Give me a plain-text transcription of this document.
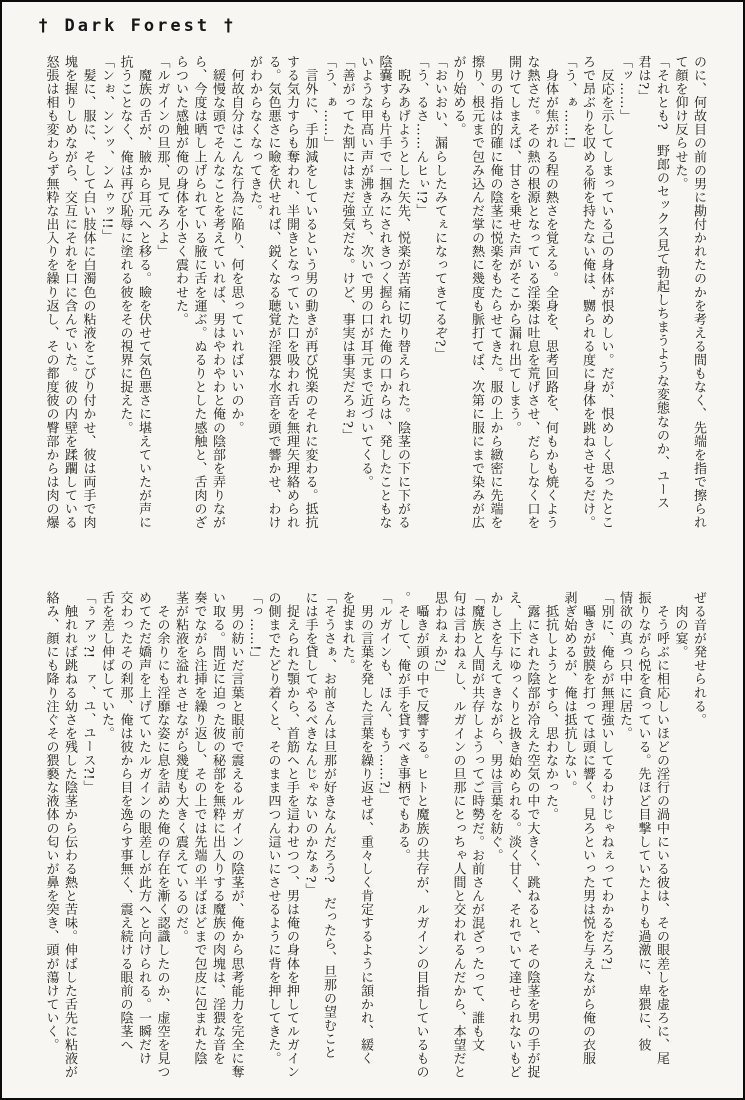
† Dark Forest †

のに、何故目の前の男に勘付かれたのかを考える間もなく、先端を指で擦られ

て顔を仰け反らせた。

「それとも?　野郎のセックス見て勃起しちまうような変態なのか、ユース

君は?」

「ッ……」

　反応を示してしまっている己の身体が恨めしい。だが、恨めしく思ったとこ

ろで昂ぶりを収める術を持たない俺は、嬲られる度に身体を跳ねさせるだけ。

「う、ぁ……!」

　身体が焦がれる程の熱さを覚える。全身を、思考回路を、何もかも焼くよう

な熱さだ。その熱の根源となっている淫楽は吐息を荒げさせ、だらしなく口を

開けてしまえば、甘さを乗せた声がそこから漏れ出てしまう。

　男の指は的確に俺の陰茎に悦楽をもたらせてきた。服の上から緻密に先端を

擦り、根元まで包み込んだ掌の熱に幾度も脈打てば、次第に服にまで染みが広

がり始める。

「おいおい、漏らしたみてぇになってきてるぞ?」

「う、るさ……んヒぃ!?」

　睨みあげようとした矢先、悦楽が苦痛に切り替えられた。陰茎の下に下がる

陰嚢すらも片手で一掴みにされきつく握られた俺の口からは、発したこともな

いような甲高い声が沸き立ち、次いで男の口が耳元まで近づいてくる。

「善がってた割にはまだ強気だな。けど、事実は事実だろぉ?」

「う、ぁ……」

　言外に、手加減をしているという男の動きが再び悦楽のそれに変わる。抵抗

する気力すらも奪われ、半開きとなっていた口を吸われ舌を無理矢理絡められ

る。気色悪さに瞼を伏せれば、鋭くなる聴覚が淫猥な水音を頭で響かせ、わけ

がわからなくなってきた。

　何故自分はこんな行為に陥り、何を思っていればいいのか。

　緩慢な頭でそんなことを考えていれば、男はやわやわと俺の陰部を弄りなが

ら、今度は晒し上げられている腋に舌を運ぶ。ぬるりとした感触と、舌肉のざ

らついた感触が俺の身体を小さく震わせた。

「ルガインの旦那、見てみろよ」

　魔族の舌が、腋から耳元へと移る。瞼を伏せて気色悪さに堪えていたが声に

抗うことなく、俺は再び恥辱に塗れる彼をその視界に捉えた。

「ンぉ、ンンッ、ンムゥッ!!」

　髪に、服に、そして白い肢体に白濁色の粘液をこびり付かせ、彼は両手で肉

塊を握りしめながら、交互にそれを口に含んでいた。彼の内壁を蹂躙している

怒張は相も変わらず無粋な出入りを繰り返し、その都度彼の臀部からは肉の爆

ぜる音が発せられる。

　肉の宴。

　そう呼ぶに相応しいほどの淫行の渦中にいる彼は、その眼差しを虚ろに、尾

振りながら悦を貪っている。先ほど目撃していたよりも過激に、卑猥に、彼

情欲の真っ只中に居た。

「別に、俺らが無理強いしてるわけじゃねぇってわかるだろ?」

　囁きが鼓膜を打っては頭に響く。見ろといった男は悦を与えながら俺の衣服

剥ぎ始めるが、俺は抵抗しない。

　抵抗しようとすら、思わなかった。

　露にされた陰部が冷えた空気の中で大きく、跳ねると、その陰茎を男の手が捉

え、上下にゆっくりと扱き始められる。淡く甘く、それでいて達せられないもど

かしさを与えてきながら、男は言葉を紡ぐ。

「魔族と人間が共存しようってご時勢だ。お前さんが混ざったって、誰も文

句は言わねぇし、ルガインの旦那にとっちゃ人間と交われるんだから、本望だと

思わねぇか?」

　囁きが頭の中で反響する。ヒトと魔族の共存が、ルガインの目指しているもの

。そして、俺が手を貸すべき事柄でもある。

「ルガインも、ほん、もう……?」

　男の言葉を発した言葉を繰り返せば、重々しく肯定するように頷かれ、緩く

を捉まれた。

「そうさぁ、お前さんは旦那が好きなんだろう?　だったら、旦那の望むこと

には手を貸してやるべきなんじゃないのかなぁ?」

　捉えられた顎から、首筋へと手を這わせつつ、男は俺の身体を押してルガイン

の側までたどり着くと、そのまま四つん這いにさせるように背を押してきた。

「っ……!」

　男の紡いだ言葉と眼前で震えるルガインの陰茎が、俺から思考能力を完全に奪

い取る。間近に迫った彼の秘部を無粋に出入りする魔族の肉塊は、淫猥な音を

奏でながら注挿を繰り返し、その上では先端の半ばほどまで包皮に包まれた陰

茎が粘液を溢れさせながら幾度も大きく震えているのだ。

　その余りにも淫靡な姿に息を詰めた俺の存在を漸く認識したのか、虚空を見つ

めてただ嬌声を上げていたルガインの眼差しが此方へと向けられる。一瞬だけ

交わったその刹那、俺は彼から目を逸らす事無く、震え続ける眼前の陰茎へ

舌を差し伸ばしていた。

「ぅアッ?!　ァ、ユ、ユース?!」

　触れれば跳ねる幼さを残した陰茎から伝わる熱と苦味。伸ばした舌先に粘液が

絡み、顔にも降り注ぐその猥褻な液体の匂いが鼻を突き、頭が蕩けていく。
